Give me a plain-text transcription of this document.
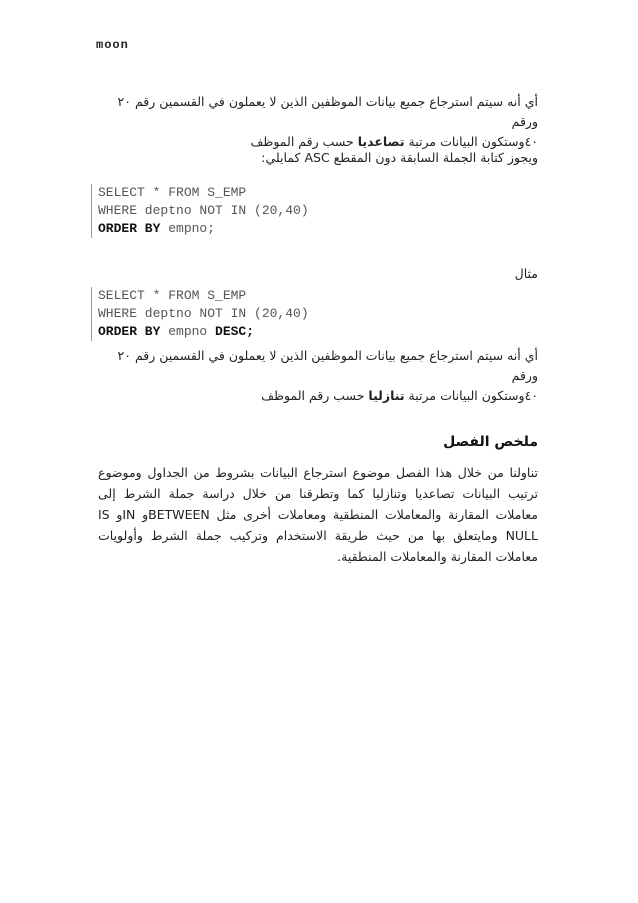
moon
أي أنه سيتم استرجاع جميع بيانات الموظفين الذين لا يعملون في القسمين رقم ٢٠ ورقم
٤٠وستكون البيانات مرتبة تصاعديا حسب رقم الموظف
ويجوز كتابة الجملة السابقة دون المقطع ASC كمايلي:
SELECT * FROM S_EMP
WHERE deptno NOT IN (20,40)
ORDER BY empno;
مثال
SELECT * FROM S_EMP
WHERE deptno NOT IN (20,40)
ORDER BY empno DESC;
أي أنه سيتم استرجاع جميع بيانات الموظفين الذين لا يعملون في القسمين رقم ٢٠ ورقم
٤٠وستكون البيانات مرتبة تنازليا حسب رقم الموظف
ملخص الفصل
تناولنا من خلال هذا الفصل موضوع استرجاع البيانات بشروط من الجداول وموضوع ترتيب البيانات تصاعديا وتنازليا كما وتطرقنا من خلال دراسة جملة الشرط إلى معاملات المقارنة والمعاملات المنطقية ومعاملات أخرى مثل BETWEENو INو IS NULL ومايتعلق بها من حيث طريقة الاستخدام وتركيب جملة الشرط وأولويات معاملات المقارنة والمعاملات المنطقية.
